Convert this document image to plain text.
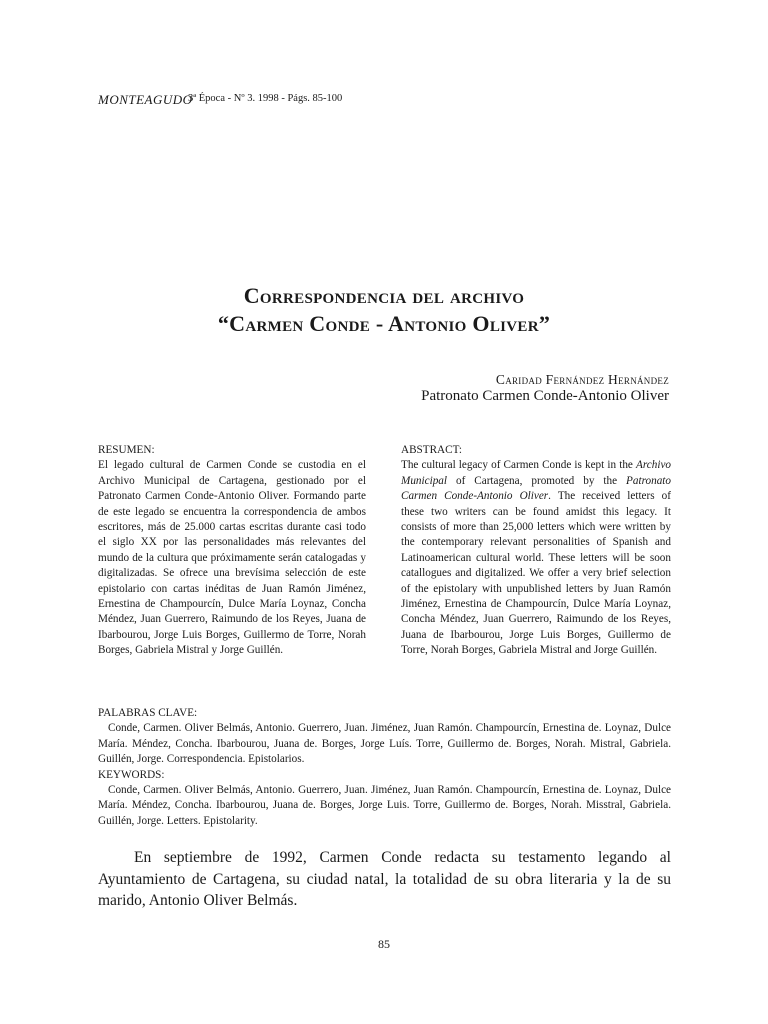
MONTEAGUDO
3ª Época - Nº 3. 1998 - Págs. 85-100
Correspondencia del archivo
“Carmen Conde - Antonio Oliver”
Caridad Fernández Hernández
Patronato Carmen Conde-Antonio Oliver
RESUMEN:

El legado cultural de Carmen Conde se custodia en el Archivo Municipal de Cartagena, gestionado por el Patronato Carmen Conde-Antonio Oliver. Formando parte de este legado se encuentra la correspondencia de ambos escritores, más de 25.000 cartas escritas durante casi todo el siglo XX por las personalidades más relevantes del mundo de la cultura que próximamente serán catalogadas y digitalizadas. Se ofrece una brevísima selección de este epistolario con cartas inéditas de Juan Ramón Jiménez, Ernestina de Champourcín, Dulce María Loynaz, Concha Méndez, Juan Guerrero, Raimundo de los Reyes, Juana de Ibarbourou, Jorge Luis Borges, Guillermo de Torre, Norah Borges, Gabriela Mistral y Jorge Guillén.

ABSTRACT:

The cultural legacy of Carmen Conde is kept in the Archivo Municipal of Cartagena, promoted by the Patronato Carmen Conde-Antonio Oliver. The received letters of these two writers can be found amidst this legacy. It consists of more than 25,000 letters which were written by the contemporary relevant personalities of Spanish and Latinoamerican cultural world. These letters will be soon catallogues and digitalized. We offer a very brief selection of the epistolary with unpublished letters by Juan Ramón Jiménez, Ernestina de Champourcín, Dulce María Loynaz, Concha Méndez, Juan Guerrero, Raimundo de los Reyes, Juana de Ibarbourou, Jorge Luis Borges, Guillermo de Torre, Norah Borges, Gabriela Mistral and Jorge Guillén.

PALABRAS CLAVE:

Conde, Carmen. Oliver Belmás, Antonio. Guerrero, Juan. Jiménez, Juan Ramón. Champourcín, Ernestina de. Loynaz, Dulce María. Méndez, Concha. Ibarbourou, Juana de. Borges, Jorge Luís. Torre, Guillermo de. Borges, Norah. Mistral, Gabriela. Guillén, Jorge. Correspondencia. Epistolarios.

KEYWORDS:

Conde, Carmen. Oliver Belmás, Antonio. Guerrero, Juan. Jiménez, Juan Ramón. Champourcín, Ernestina de. Loynaz, Dulce María. Méndez, Concha. Ibarbourou, Juana de. Borges, Jorge Luis. Torre, Guillermo de. Borges, Norah. Misstral, Gabriela. Guillén, Jorge. Letters. Epistolarity.

En septiembre de 1992, Carmen Conde redacta su testamento legando al Ayuntamiento de Cartagena, su ciudad natal, la totalidad de su obra literaria y la de su marido, Antonio Oliver Belmás.

85
